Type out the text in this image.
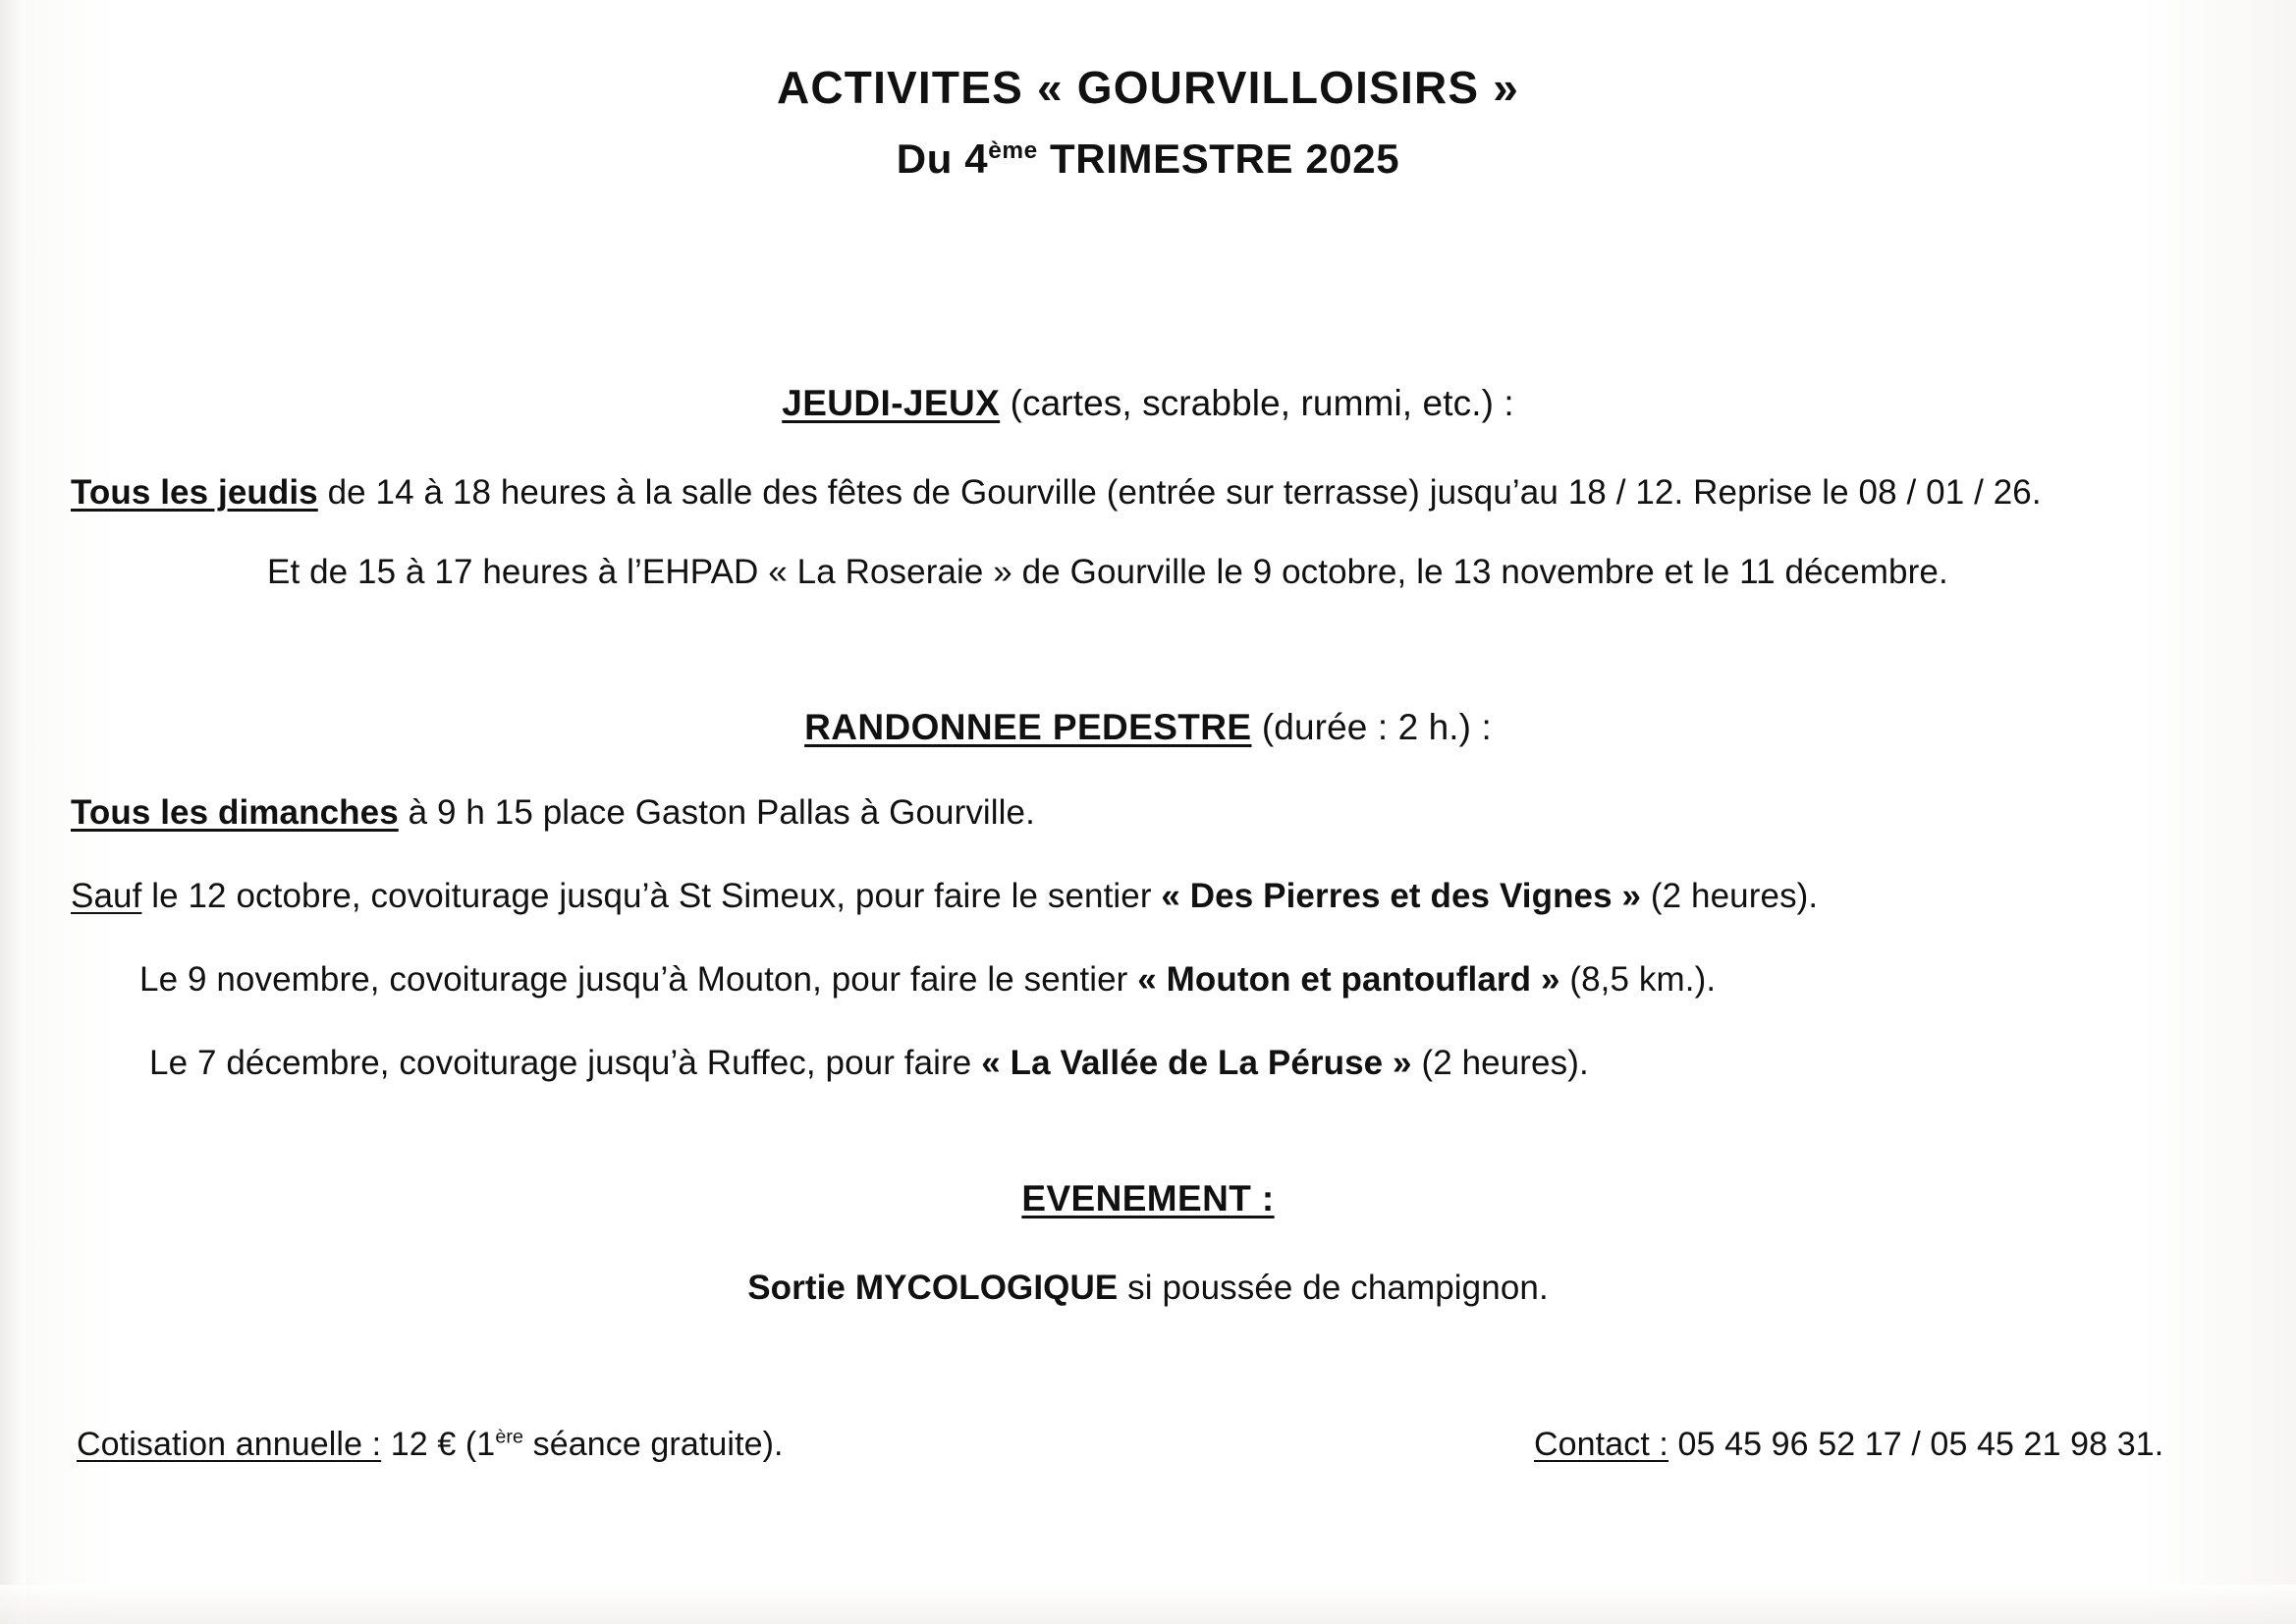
ACTIVITES « GOURVILLOISIRS »
Du 4ème TRIMESTRE 2025
JEUDI-JEUX (cartes, scrabble, rummi, etc.) :
Tous les jeudis de 14 à 18 heures à la salle des fêtes de Gourville (entrée sur terrasse) jusqu’au 18 / 12. Reprise le 08 / 01 / 26.
Et de 15 à 17 heures à l’EHPAD « La Roseraie » de Gourville le 9 octobre, le 13 novembre et le 11 décembre.
RANDONNEE PEDESTRE (durée : 2 h.) :
Tous les dimanches à 9 h 15 place Gaston Pallas à Gourville.
Sauf le 12 octobre, covoiturage jusqu’à St Simeux, pour faire le sentier « Des Pierres et des Vignes » (2 heures).
Le 9 novembre, covoiturage jusqu’à Mouton, pour faire le sentier « Mouton et pantouflard » (8,5 km.).
Le 7 décembre, covoiturage jusqu’à Ruffec, pour faire « La Vallée de La Péruse » (2 heures).
EVENEMENT :
Sortie MYCOLOGIQUE si poussée de champignon.
Cotisation annuelle : 12 € (1ère séance gratuite).	Contact : 05 45 96 52 17 / 05 45 21 98 31.
